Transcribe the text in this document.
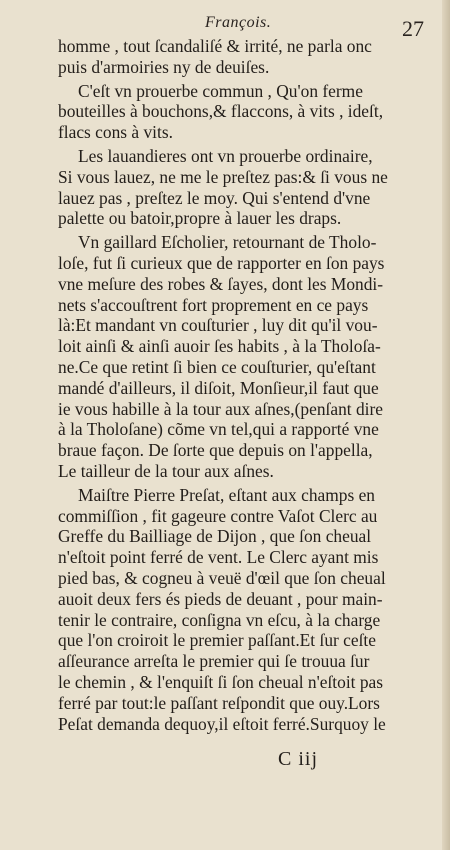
François.	27
homme , tout ſcandaliſé & irrité, ne parla onc
puis d'armoiries ny de deuiſes.
C'eſt vn prouerbe commun , Qu'on ferme
bouteilles à bouchons,& flaccons, à vits , ideſt,
flacs cons à vits.
Les lauandieres ont vn prouerbe ordinaire,
Si vous lauez, ne me le preſtez pas:& ſi vous ne
lauez pas , preſtez le moy. Qui s'entend d'vne
palette ou batoir,propre à lauer les draps.
Vn gaillard Eſcholier, retournant de Tholo-
loſe, fut ſi curieux que de rapporter en ſon pays
vne meſure des robes & ſayes, dont les Mondi-
nets s'accouſtrent fort proprement en ce pays
là:Et mandant vn couſturier , luy dit qu'il vou-
loit ainſi & ainſi auoir ſes habits , à la Tholoſa-
ne.Ce que retint ſi bien ce couſturier, qu'eſtant
mandé d'ailleurs, il diſoit, Monſieur,il faut que
ie vous habille à la tour aux aſnes,(penſant dire
à la Tholoſane) cõme vn tel,qui a rapporté vne
braue façon. De ſorte que depuis on l'appella,
Le tailleur de la tour aux aſnes.
Maiſtre Pierre Preſat, eſtant aux champs en
commiſſion , fit gageure contre Vaſot Clerc au
Greffe du Bailliage de Dijon , que ſon cheual
n'eſtoit point ferré de vent. Le Clerc ayant mis
pied bas, & cogneu à veuë d'œil que ſon cheual
auoit deux fers és pieds de deuant , pour main-
tenir le contraire, conſigna vn eſcu, à la charge
que l'on croiroit le premier paſſant.Et ſur ceſte
aſſeurance arreſta le premier qui ſe trouua ſur
le chemin , & l'enquiſt ſi ſon cheual n'eſtoit pas
ferré par tout:le paſſant reſpondit que ouy.Lors
Peſat demanda dequoy,il eſtoit ferré.Surquoy le
C iij
